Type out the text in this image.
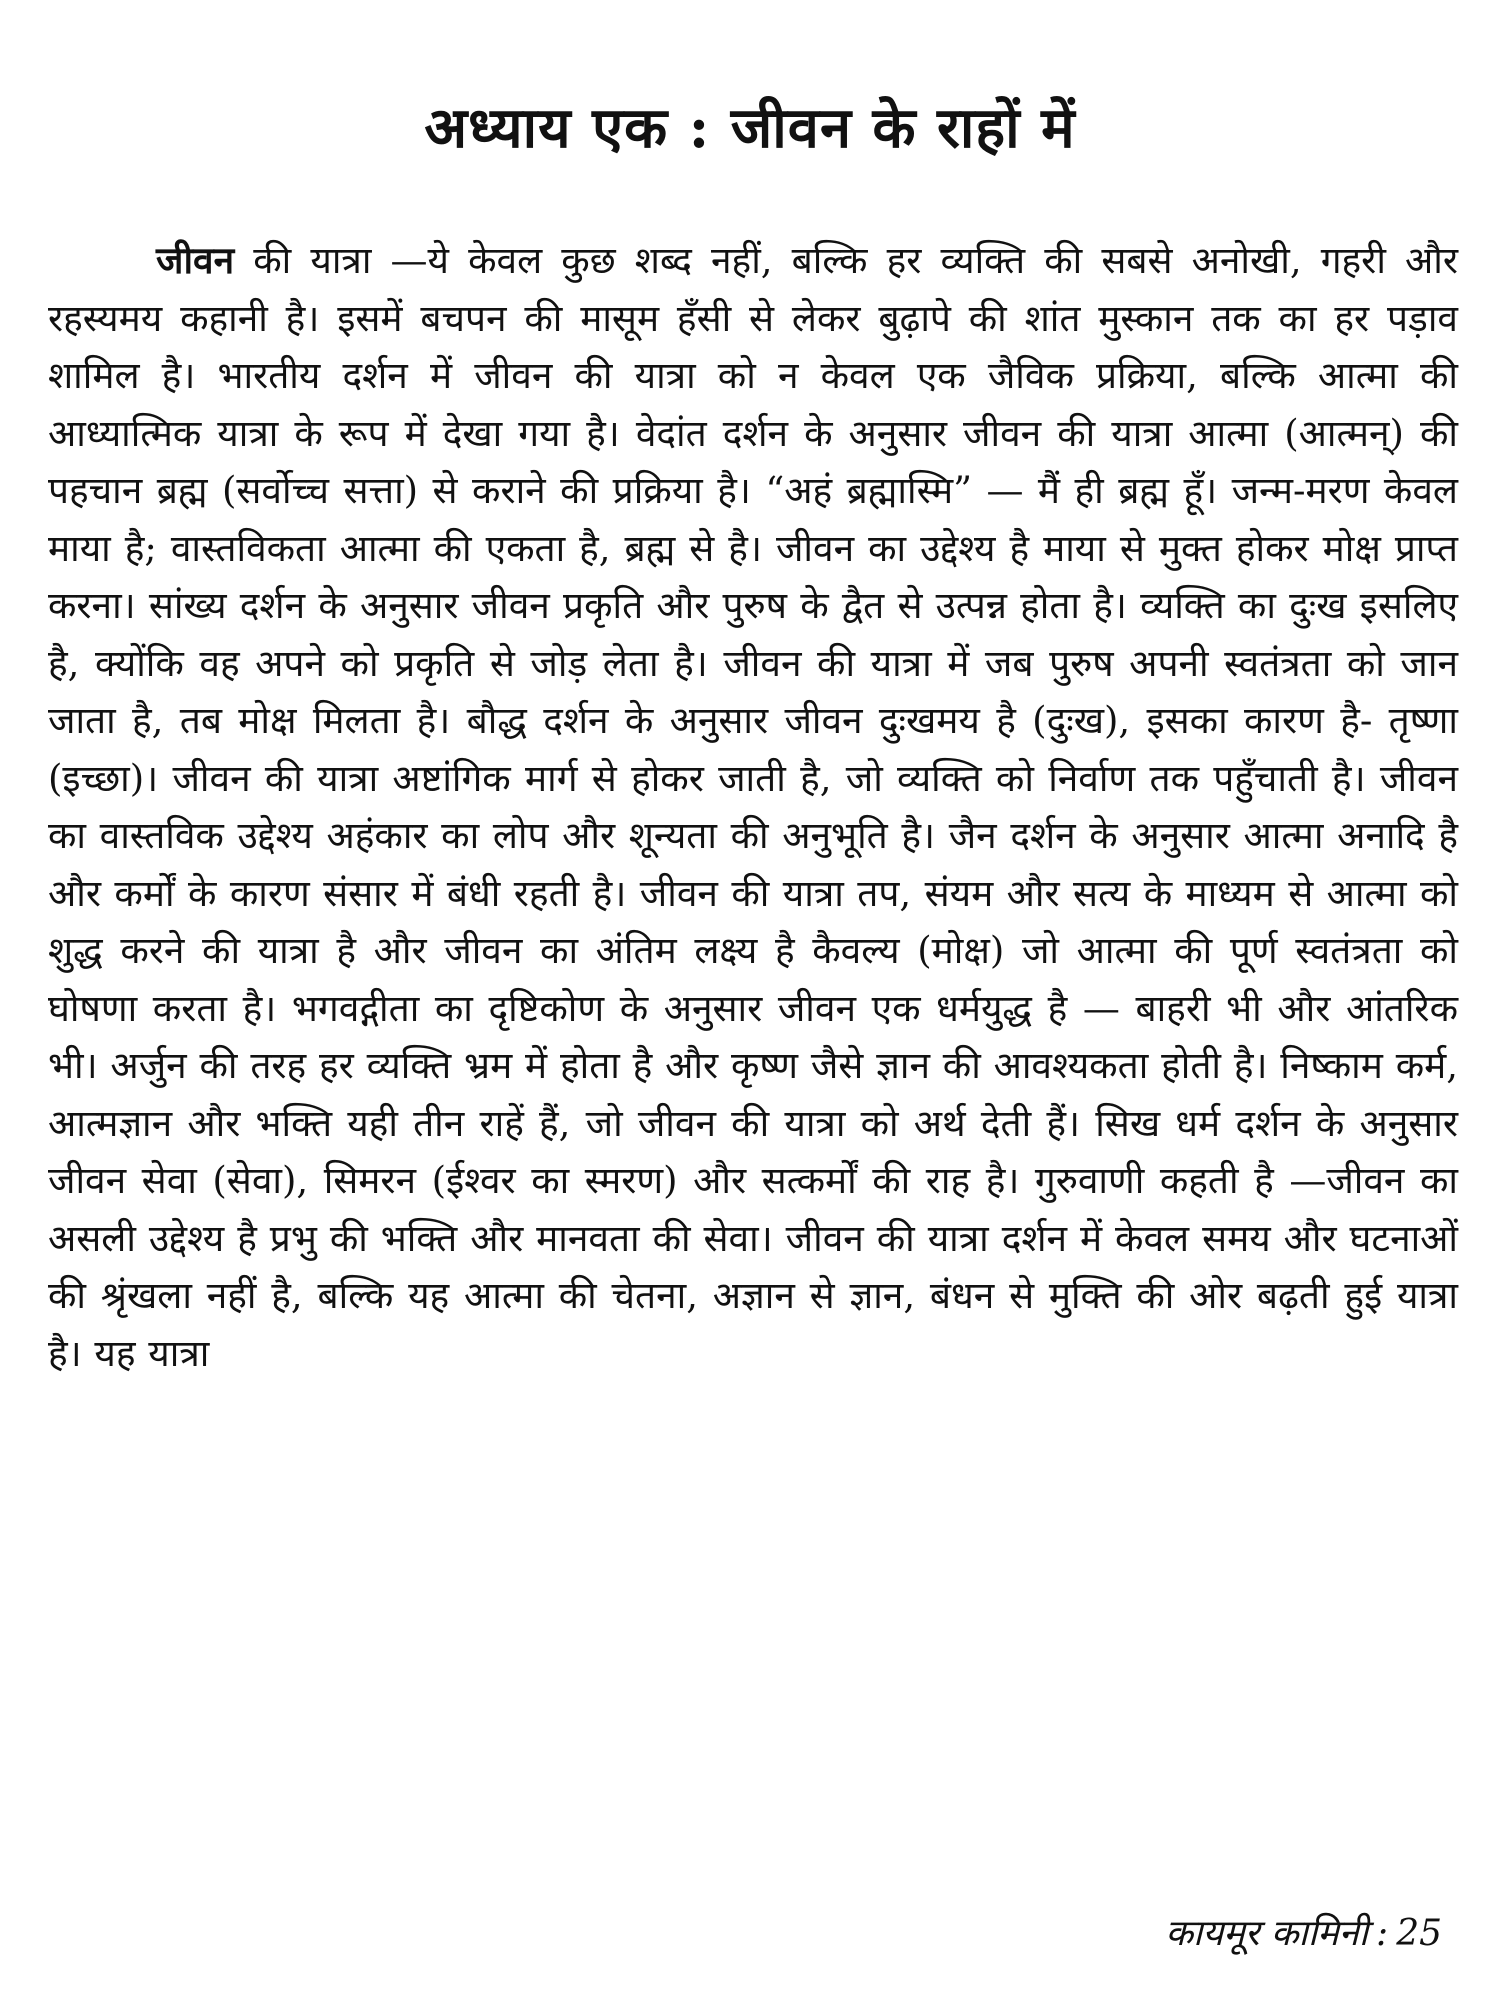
अध्याय एक : जीवन के राहों में

जीवन की यात्रा —ये केवल कुछ शब्द नहीं, बल्कि हर व्यक्ति की सबसे अनोखी, गहरी और रहस्यमय कहानी है। इसमें बचपन की मासूम हँसी से लेकर बुढ़ापे की शांत मुस्कान तक का हर पड़ाव शामिल है। भारतीय दर्शन में जीवन की यात्रा को न केवल एक जैविक प्रक्रिया, बल्कि आत्मा की आध्यात्मिक यात्रा के रूप में देखा गया है। वेदांत दर्शन के अनुसार जीवन की यात्रा आत्मा (आत्मन्) की पहचान ब्रह्म (सर्वोच्च सत्ता) से कराने की प्रक्रिया है। “अहं ब्रह्मास्मि” — मैं ही ब्रह्म हूँ। जन्म-मरण केवल माया है; वास्तविकता आत्मा की एकता है, ब्रह्म से है। जीवन का उद्देश्य है माया से मुक्त होकर मोक्ष प्राप्त करना। सांख्य दर्शन के अनुसार जीवन प्रकृति और पुरुष के द्वैत से उत्पन्न होता है। व्यक्ति का दुःख इसलिए है, क्योंकि वह अपने को प्रकृति से जोड़ लेता है। जीवन की यात्रा में जब पुरुष अपनी स्वतंत्रता को जान जाता है, तब मोक्ष मिलता है। बौद्ध दर्शन के अनुसार जीवन दुःखमय है (दुःख), इसका कारण है- तृष्णा (इच्छा)। जीवन की यात्रा अष्टांगिक मार्ग से होकर जाती है, जो व्यक्ति को निर्वाण तक पहुँचाती है। जीवन का वास्तविक उद्देश्य अहंकार का लोप और शून्यता की अनुभूति है। जैन दर्शन के अनुसार आत्मा अनादि है और कर्मों के कारण संसार में बंधी रहती है। जीवन की यात्रा तप, संयम और सत्य के माध्यम से आत्मा को शुद्ध करने की यात्रा है और जीवन का अंतिम लक्ष्य है कैवल्य (मोक्ष) जो आत्मा की पूर्ण स्वतंत्रता को घोषणा करता है। भगवद्गीता का दृष्टिकोण के अनुसार जीवन एक धर्मयुद्ध है — बाहरी भी और आंतरिक भी। अर्जुन की तरह हर व्यक्ति भ्रम में होता है और कृष्ण जैसे ज्ञान की आवश्यकता होती है। निष्काम कर्म, आत्मज्ञान और भक्ति यही तीन राहें हैं, जो जीवन की यात्रा को अर्थ देती हैं। सिख धर्म दर्शन के अनुसार जीवन सेवा (सेवा), सिमरन (ईश्वर का स्मरण) और सत्कर्मों की राह है। गुरुवाणी कहती है —जीवन का असली उद्देश्य है प्रभु की भक्ति और मानवता की सेवा। जीवन की यात्रा दर्शन में केवल समय और घटनाओं की श्रृंखला नहीं है, बल्कि यह आत्मा की चेतना, अज्ञान से ज्ञान, बंधन से मुक्ति की ओर बढ़ती हुई यात्रा है। यह यात्रा

कायमूर कामिनी : 25
